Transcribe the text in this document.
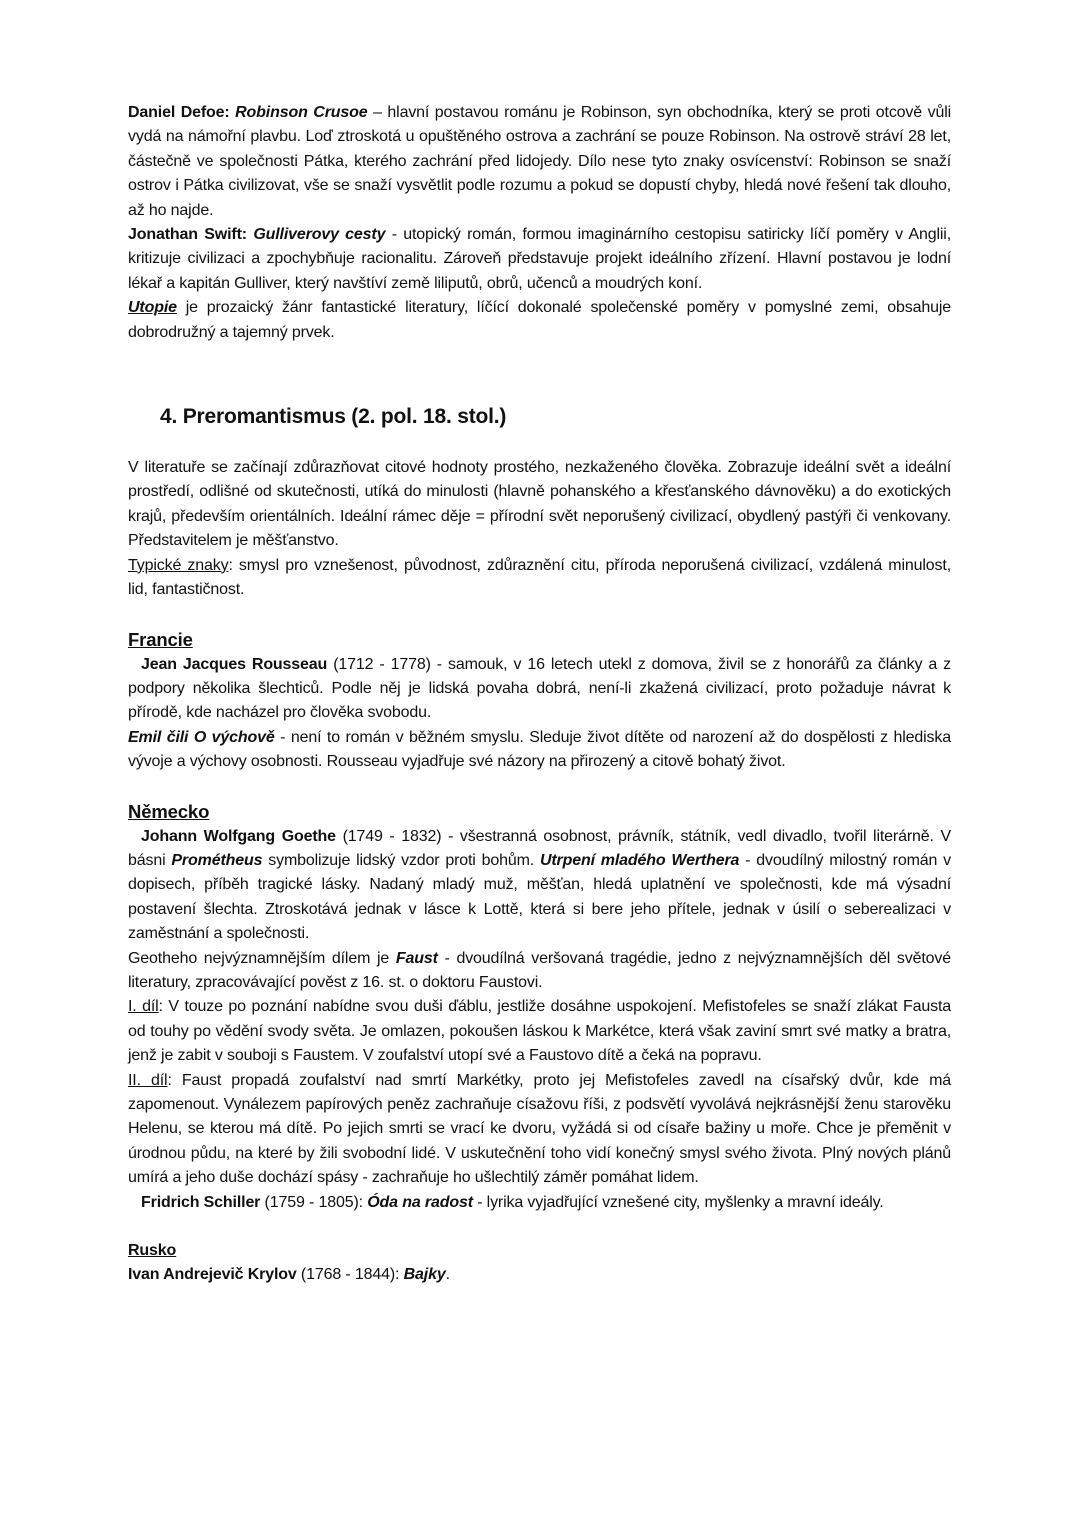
Daniel Defoe: Robinson Crusoe – hlavní postavou románu je Robinson, syn obchodníka, který se proti otcově vůli vydá na námořní plavbu. Loď ztroskotá u opuštěného ostrova a zachrání se pouze Robinson. Na ostrově stráví 28 let, částečně ve společnosti Pátka, kterého zachrání před lidojedy. Dílo nese tyto znaky osvícenství: Robinson se snaží ostrov i Pátka civilizovat, vše se snaží vysvětlit podle rozumu a pokud se dopustí chyby, hledá nové řešení tak dlouho, až ho najde.

Jonathan Swift: Gulliverovy cesty - utopický román, formou imaginárního cestopisu satiricky líčí poměry v Anglii, kritizuje civilizaci a zpochybňuje racionalitu. Zároveň představuje projekt ideálního zřízení. Hlavní postavou je lodní lékař a kapitán Gulliver, který navštíví země liliputů, obrů, učenců a moudrých koní.

Utopie je prozaický žánr fantastické literatury, líčící dokonalé společenské poměry v pomyslné zemi, obsahuje dobrodružný a tajemný prvek.

4. Preromantismus (2. pol. 18. stol.)

V literatuře se začínají zdůrazňovat citové hodnoty prostého, nezkaženého člověka. Zobrazuje ideální svět a ideální prostředí, odlišné od skutečnosti, utíká do minulosti (hlavně pohanského a křesťanského dávnověku) a do exotických krajů, především orientálních. Ideální rámec děje = přírodní svět neporušený civilizací, obydlený pastýři či venkovany. Představitelem je měšťanstvo.

Typické znaky: smysl pro vznešenost, původnost, zdůraznění citu, příroda neporušená civilizací, vzdálená minulost, lid, fantastičnost.

Francie

Jean Jacques Rousseau (1712 - 1778) - samouk, v 16 letech utekl z domova, živil se z honorářů za články a z podpory několika šlechticů. Podle něj je lidská povaha dobrá, není-li zkažená civilizací, proto požaduje návrat k přírodě, kde nacházel pro člověka svobodu.

Emil čili O výchově - není to román v běžném smyslu. Sleduje život dítěte od narození až do dospělosti z hlediska vývoje a výchovy osobnosti. Rousseau vyjadřuje své názory na přirozený a citově bohatý život.

Německo

Johann Wolfgang Goethe (1749 - 1832) - všestranná osobnost, právník, státník, vedl divadlo, tvořil literárně. V básni Prométheus symbolizuje lidský vzdor proti bohům. Utrpení mladého Werthera - dvoudílný milostný román v dopisech, příběh tragické lásky. Nadaný mladý muž, měšťan, hledá uplatnění ve společnosti, kde má výsadní postavení šlechta. Ztroskotává jednak v lásce k Lottě, která si bere jeho přítele, jednak v úsilí o seberealizaci v zaměstnání a společnosti.

Geotheho nejvýznamnějším dílem je Faust - dvoudílná veršovaná tragédie, jedno z nejvýznamnějších děl světové literatury, zpracovávající pověst z 16. st. o doktoru Faustovi.

I. díl: V touze po poznání nabídne svou duši ďáblu, jestliže dosáhne uspokojení. Mefistofeles se snaží zlákat Fausta od touhy po vědění svody světa. Je omlazen, pokoušen láskou k Markétce, která však zaviní smrt své matky a bratra, jenž je zabit v souboji s Faustem. V zoufalství utopí své a Faustovo dítě a čeká na popravu.

II. díl: Faust propadá zoufalství nad smrtí Markétky, proto jej Mefistofeles zavedl na císařský dvůr, kde má zapomenout. Vynálezem papírových peněz zachraňuje císažovu říši, z podsvětí vyvolává nejkrásnější ženu starověku Helenu, se kterou má dítě. Po jejich smrti se vrací ke dvoru, vyžádá si od císaře bažiny u moře. Chce je přeměnit v úrodnou půdu, na které by žili svobodní lidé. V uskutečnění toho vidí konečný smysl svého života. Plný nových plánů umírá a jeho duše dochází spásy - zachraňuje ho ušlechtilý záměr pomáhat lidem.

Fridrich Schiller (1759 - 1805): Óda na radost - lyrika vyjadřující vznešené city, myšlenky a mravní ideály.

Rusko

Ivan Andrejevič Krylov (1768 - 1844): Bajky.
